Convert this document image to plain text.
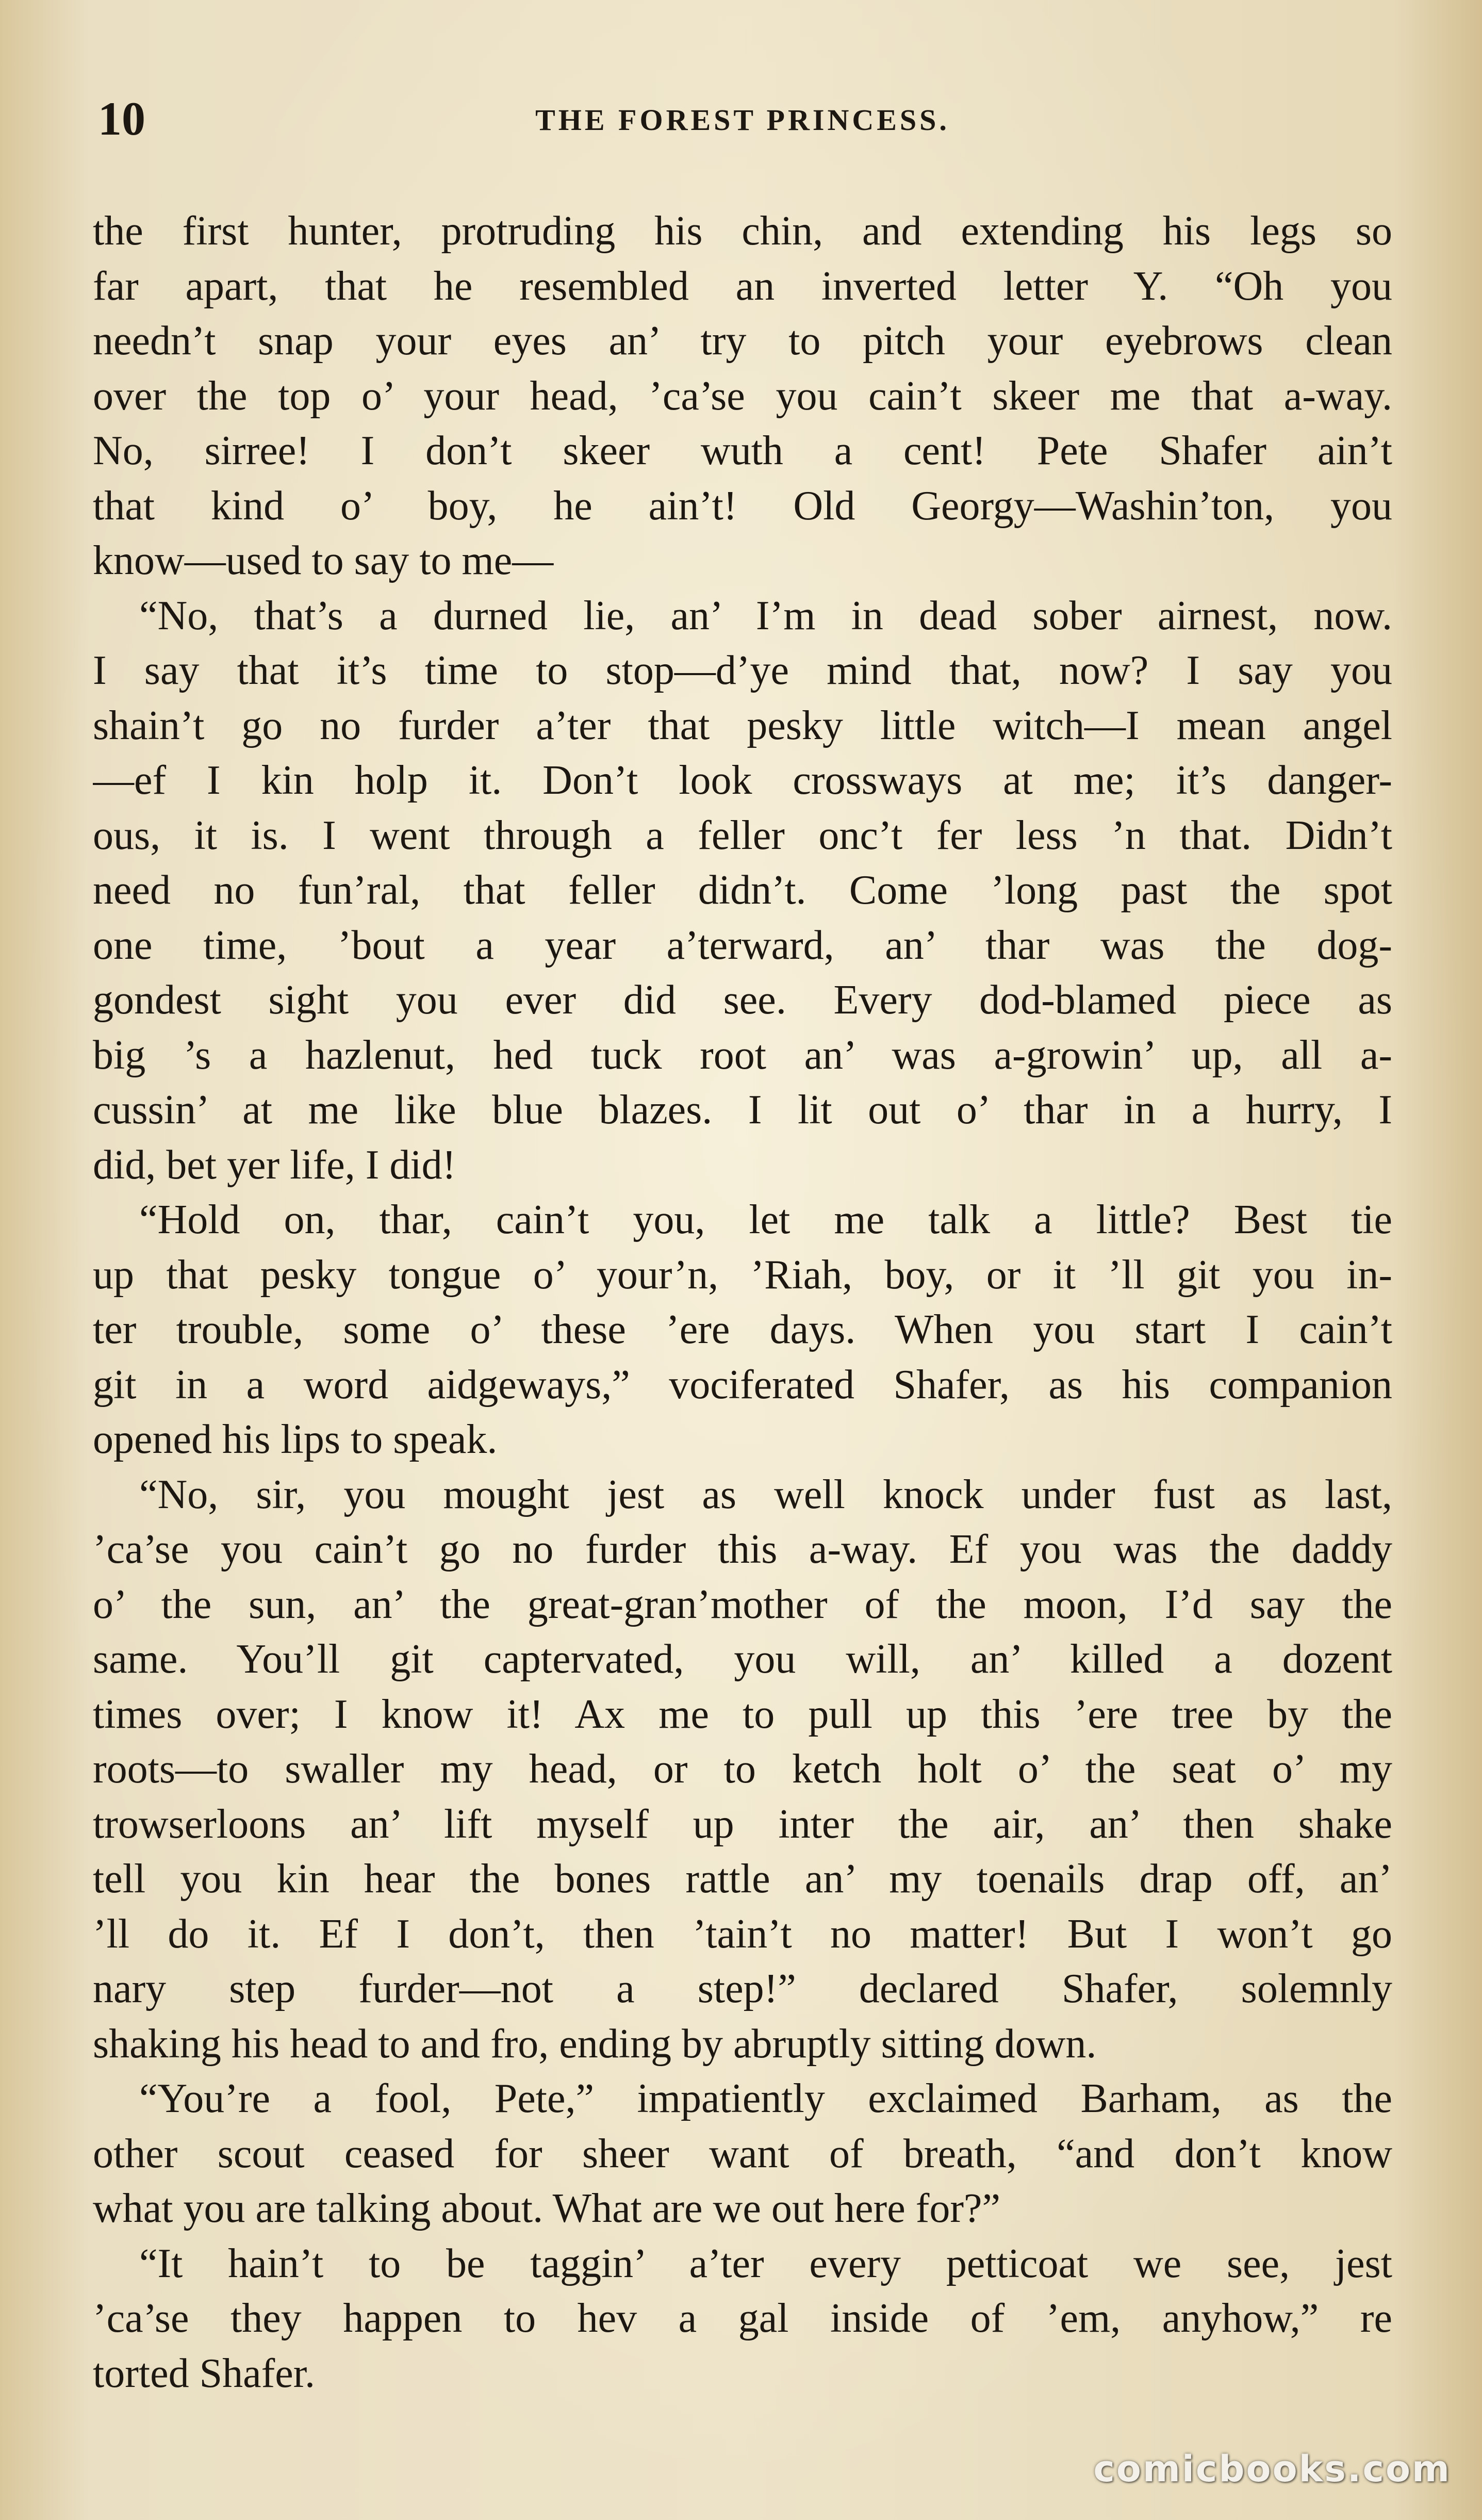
10	THE FOREST PRINCESS.
the first hunter, protruding his chin, and extending his legs so
far apart, that he resembled an inverted letter Y. “Oh you
needn’t snap your eyes an’ try to pitch your eyebrows clean
over the top o’ your head, ’ca’se you cain’t skeer me that a-way.
No, sirree! I don’t skeer wuth a cent! Pete Shafer ain’t
that kind o’ boy, he ain’t! Old Georgy—Washin’ton, you
know—used to say to me—
“No, that’s a durned lie, an’ I’m in dead sober airnest, now.
I say that it’s time to stop—d’ye mind that, now? I say you
shain’t go no furder a’ter that pesky little witch—I mean angel
—ef I kin holp it. Don’t look crossways at me; it’s danger-
ous, it is. I went through a feller onc’t fer less ’n that. Didn’t
need no fun’ral, that feller didn’t. Come ’long past the spot
one time, ’bout a year a’terward, an’ thar was the dog-
gondest sight you ever did see. Every dod-blamed piece as
big ’s a hazlenut, hed tuck root an’ was a-growin’ up, all a-
cussin’ at me like blue blazes. I lit out o’ thar in a hurry, I
did, bet yer life, I did!
“Hold on, thar, cain’t you, let me talk a little? Best tie
up that pesky tongue o’ your’n, ’Riah, boy, or it ’ll git you in-
ter trouble, some o’ these ’ere days. When you start I cain’t
git in a word aidgeways,” vociferated Shafer, as his companion
opened his lips to speak.
“No, sir, you mought jest as well knock under fust as last,
’ca’se you cain’t go no furder this a-way. Ef you was the daddy
o’ the sun, an’ the great-gran’mother of the moon, I’d say the
same. You’ll git captervated, you will, an’ killed a dozent
times over; I know it! Ax me to pull up this ’ere tree by the
roots—to swaller my head, or to ketch holt o’ the seat o’ my
trowserloons an’ lift myself up inter the air, an’ then shake
tell you kin hear the bones rattle an’ my toenails drap off, an’
’ll do it. Ef I don’t, then ’tain’t no matter! But I won’t go
nary step furder—not a step!” declared Shafer, solemnly
shaking his head to and fro, ending by abruptly sitting down.
“You’re a fool, Pete,” impatiently exclaimed Barham, as the
other scout ceased for sheer want of breath, “and don’t know
what you are talking about. What are we out here for?”
“It hain’t to be taggin’ a’ter every petticoat we see, jest
’ca’se they happen to hev a gal inside of ’em, anyhow,” re
torted Shafer.
comicbooks.com
